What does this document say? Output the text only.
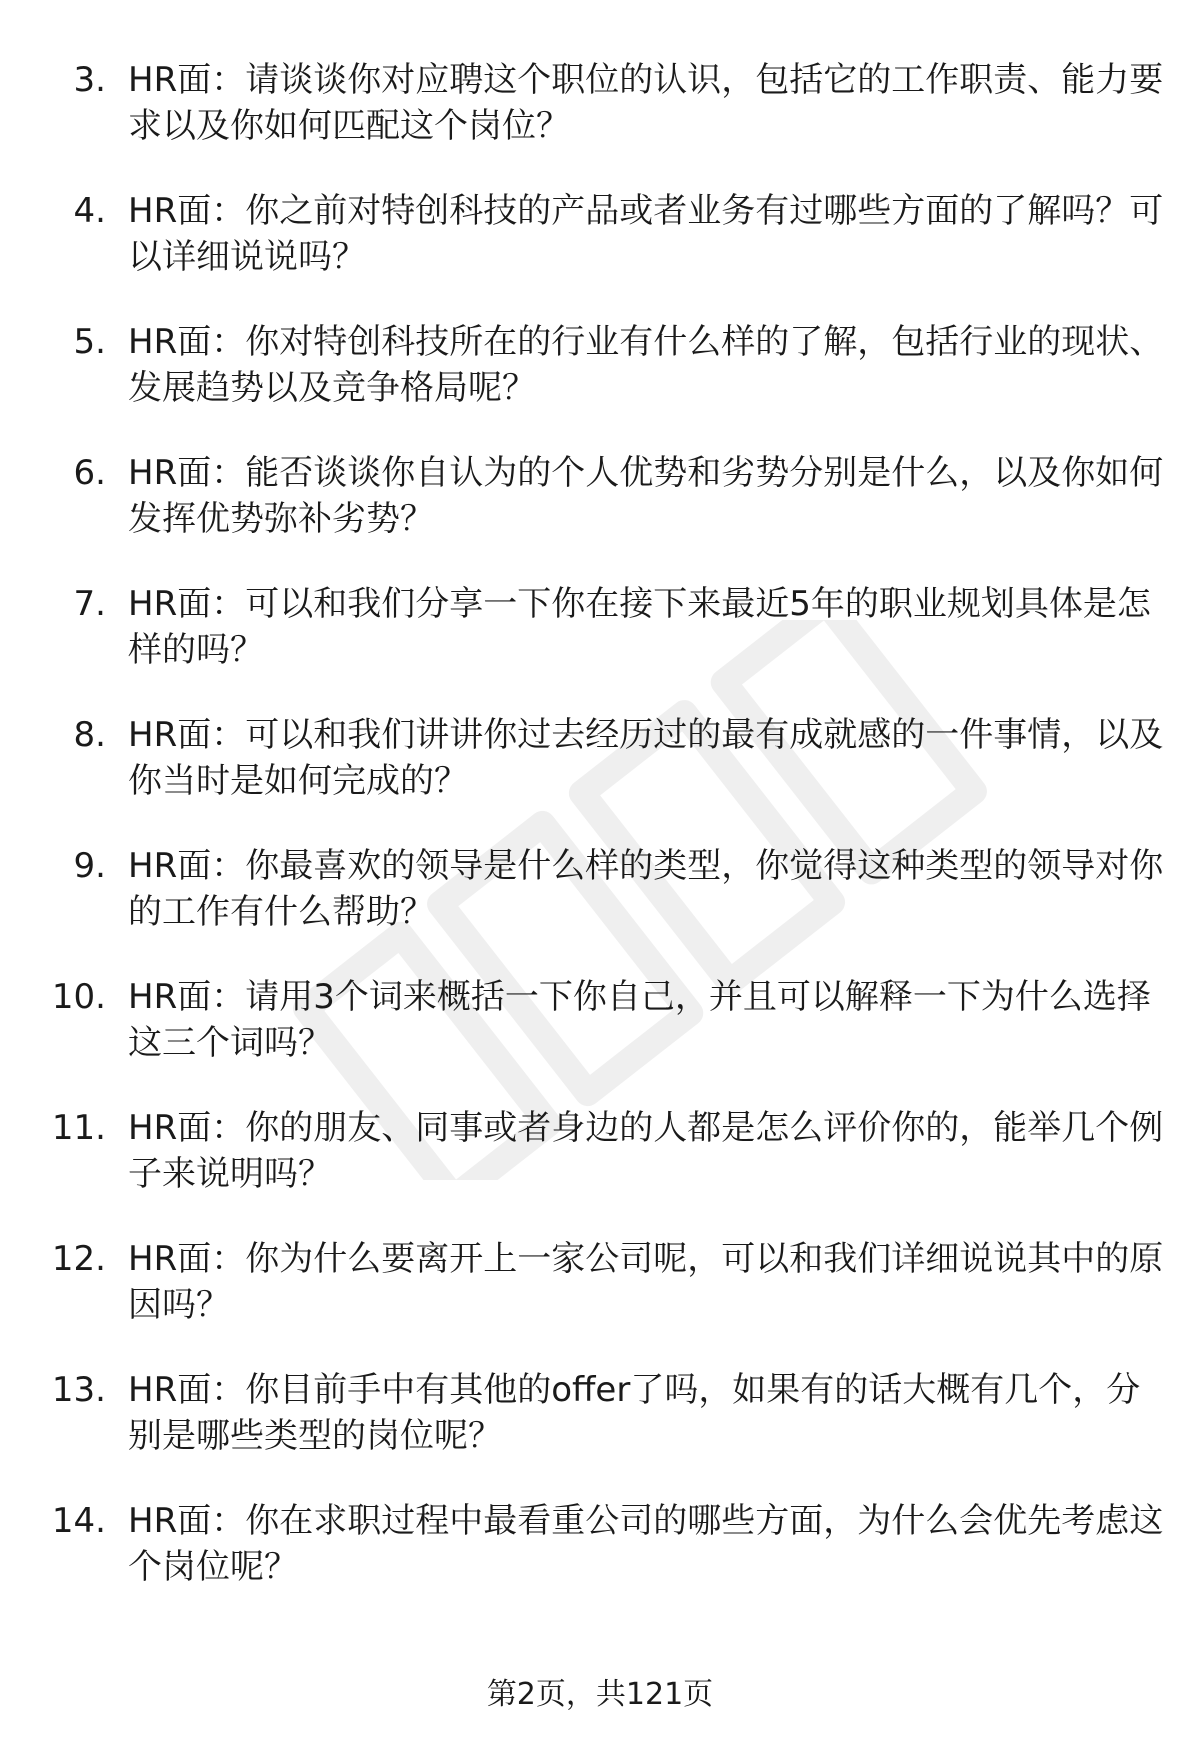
3. HR面：请谈谈你对应聘这个职位的认识，包括它的工作职责、能力要求以及你如何匹配这个岗位？
4. HR面：你之前对特创科技的产品或者业务有过哪些方面的了解吗？可以详细说说吗？
5. HR面：你对特创科技所在的行业有什么样的了解，包括行业的现状、发展趋势以及竞争格局呢？
6. HR面：能否谈谈你自认为的个人优势和劣势分别是什么，以及你如何发挥优势弥补劣势？
7. HR面：可以和我们分享一下你在接下来最近5年的职业规划具体是怎样的吗？
8. HR面：可以和我们讲讲你过去经历过的最有成就感的一件事情，以及你当时是如何完成的？
9. HR面：你最喜欢的领导是什么样的类型，你觉得这种类型的领导对你的工作有什么帮助？
10. HR面：请用3个词来概括一下你自己，并且可以解释一下为什么选择这三个词吗？
11. HR面：你的朋友、同事或者身边的人都是怎么评价你的，能举几个例子来说明吗？
12. HR面：你为什么要离开上一家公司呢，可以和我们详细说说其中的原因吗？
13. HR面：你目前手中有其他的offer了吗，如果有的话大概有几个，分别是哪些类型的岗位呢？
14. HR面：你在求职过程中最看重公司的哪些方面，为什么会优先考虑这个岗位呢？
第2页，共121页
